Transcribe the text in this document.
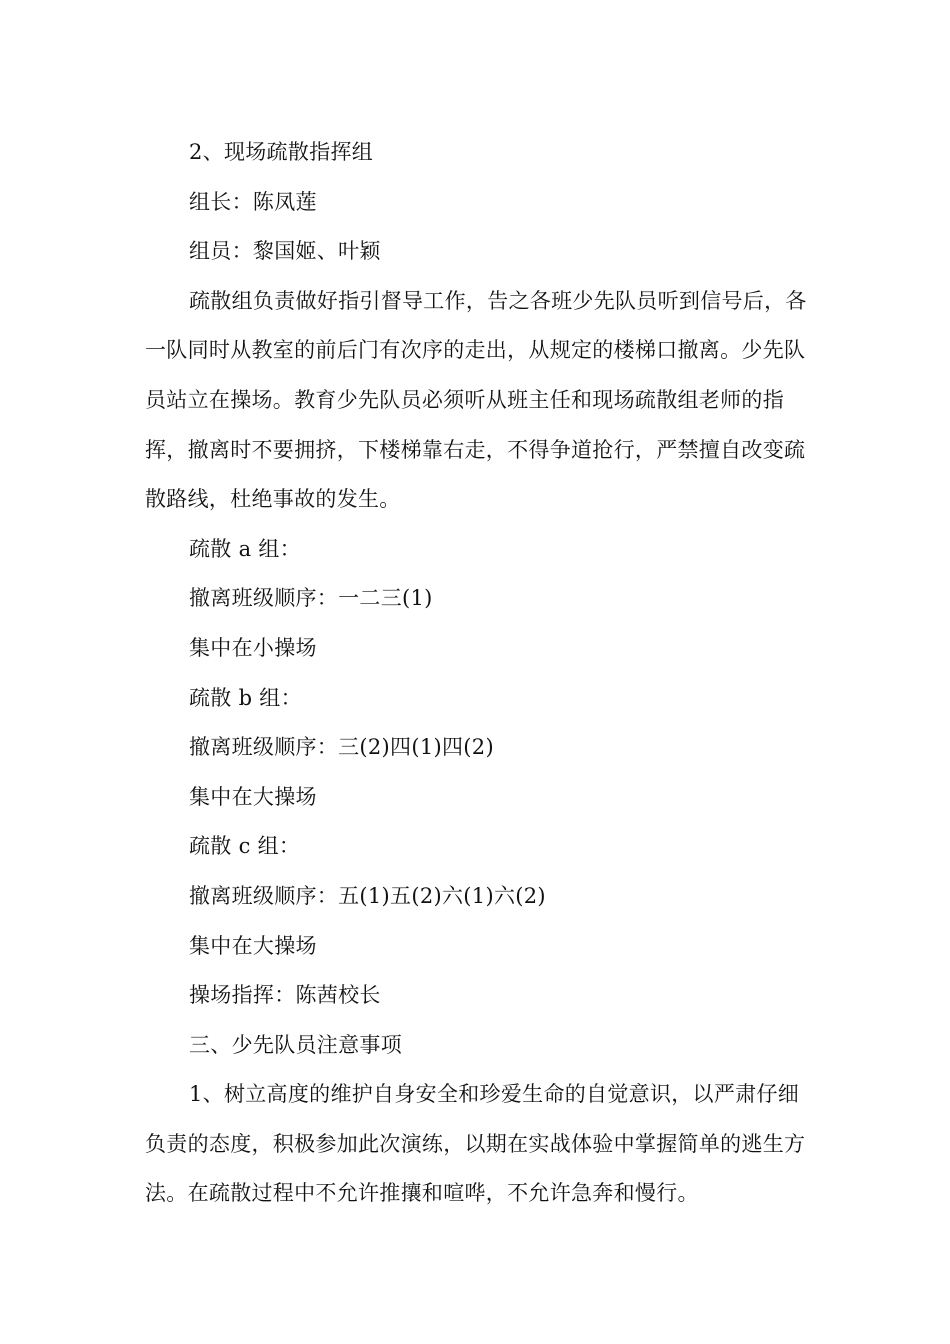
2、现场疏散指挥组

组长：陈凤莲

组员：黎国姬、叶颖

疏散组负责做好指引督导工作，告之各班少先队员听到信号后，各一队同时从教室的前后门有次序的走出，从规定的楼梯口撤离。少先队员站立在操场。教育少先队员必须听从班主任和现场疏散组老师的指挥，撤离时不要拥挤，下楼梯靠右走，不得争道抢行，严禁擅自改变疏散路线，杜绝事故的发生。

疏散 a 组：

撤离班级顺序：一二三(1)

集中在小操场

疏散 b 组：

撤离班级顺序：三(2)四(1)四(2)

集中在大操场

疏散 c 组：

撤离班级顺序：五(1)五(2)六(1)六(2)

集中在大操场

操场指挥：陈茜校长

三、少先队员注意事项

1、树立高度的维护自身安全和珍爱生命的自觉意识，以严肃仔细负责的态度，积极参加此次演练，以期在实战体验中掌握简单的逃生方法。在疏散过程中不允许推攘和喧哗，不允许急奔和慢行。
